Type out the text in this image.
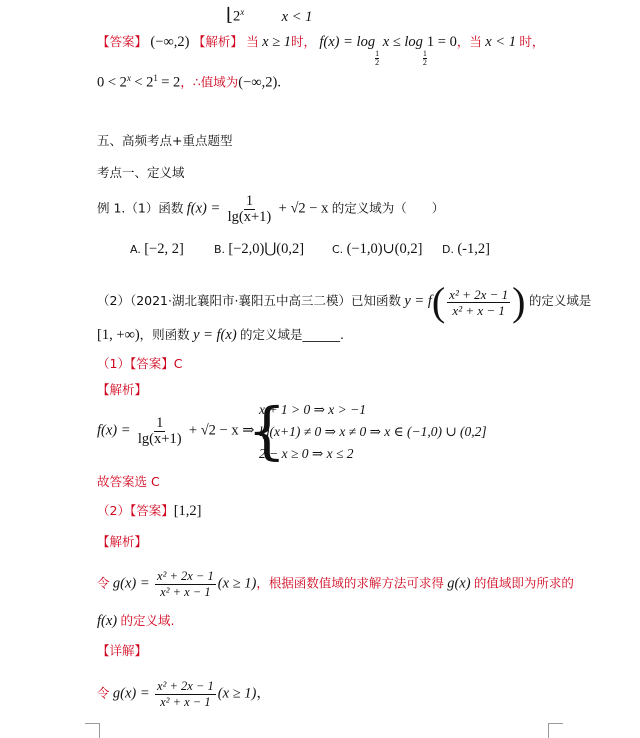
⌊2$^x$	x < 1
【答案】 (−∞,2) 【解析】 当 x ≥ 1时， f(x) = log
$\frac{1}{2}$
x ≤ log
$\frac{1}{2}$
1 = 0，当 x < 1 时，
$0 < 2^x < 2^1 = 2$，∴值域为(−∞,2).
五、高频考点+重点题型
考点一、定义域
例 1.（1）函数 $f(x) = \frac{1}{\lg(x+1)} + √2 - x$ 的定义域为（　　）
A. [−2, 2]	B. [−2,0)⋃(0,2]	C. (−1,0)∪(0,2] D. (-1,2]
（2）（2021·湖北襄阳市·襄阳五中高三二模）已知函数 $y = f( \frac{\text{x² + 2x − 1}}{\text{x² + x − 1}}$ ) 的定义域是
[1, +∞)，则函数 y = f(x) 的定义域是______.
（1）【答案】C
【解析】
$f(x) = \frac{1}{\lg(x+1)} + √2 - x$ ⇒
{
x + 1 > 0 ⇒ x > −1
lg(x+1) ≠ 0 ⇒ x ≠ 0 ⇒ x ∈ (−1,0) ∪ (0,2]
2 − x ≥ 0 ⇒ x ≤ 2
故答案选 C
（2）【答案】[1,2]
【解析】
令 $g(x) = \frac{\text{x² + 2x − 1}}{\text{x² + x − 1}} (x \ge 1)$，根据函数值域的求解方法可求得 g(x) 的值域即为所求的
f(x) 的定义域.
【详解】
令 $g(x) = \frac{\text{x² + 2x − 1}}{\text{x² + x − 1}} (x \ge 1)$，
